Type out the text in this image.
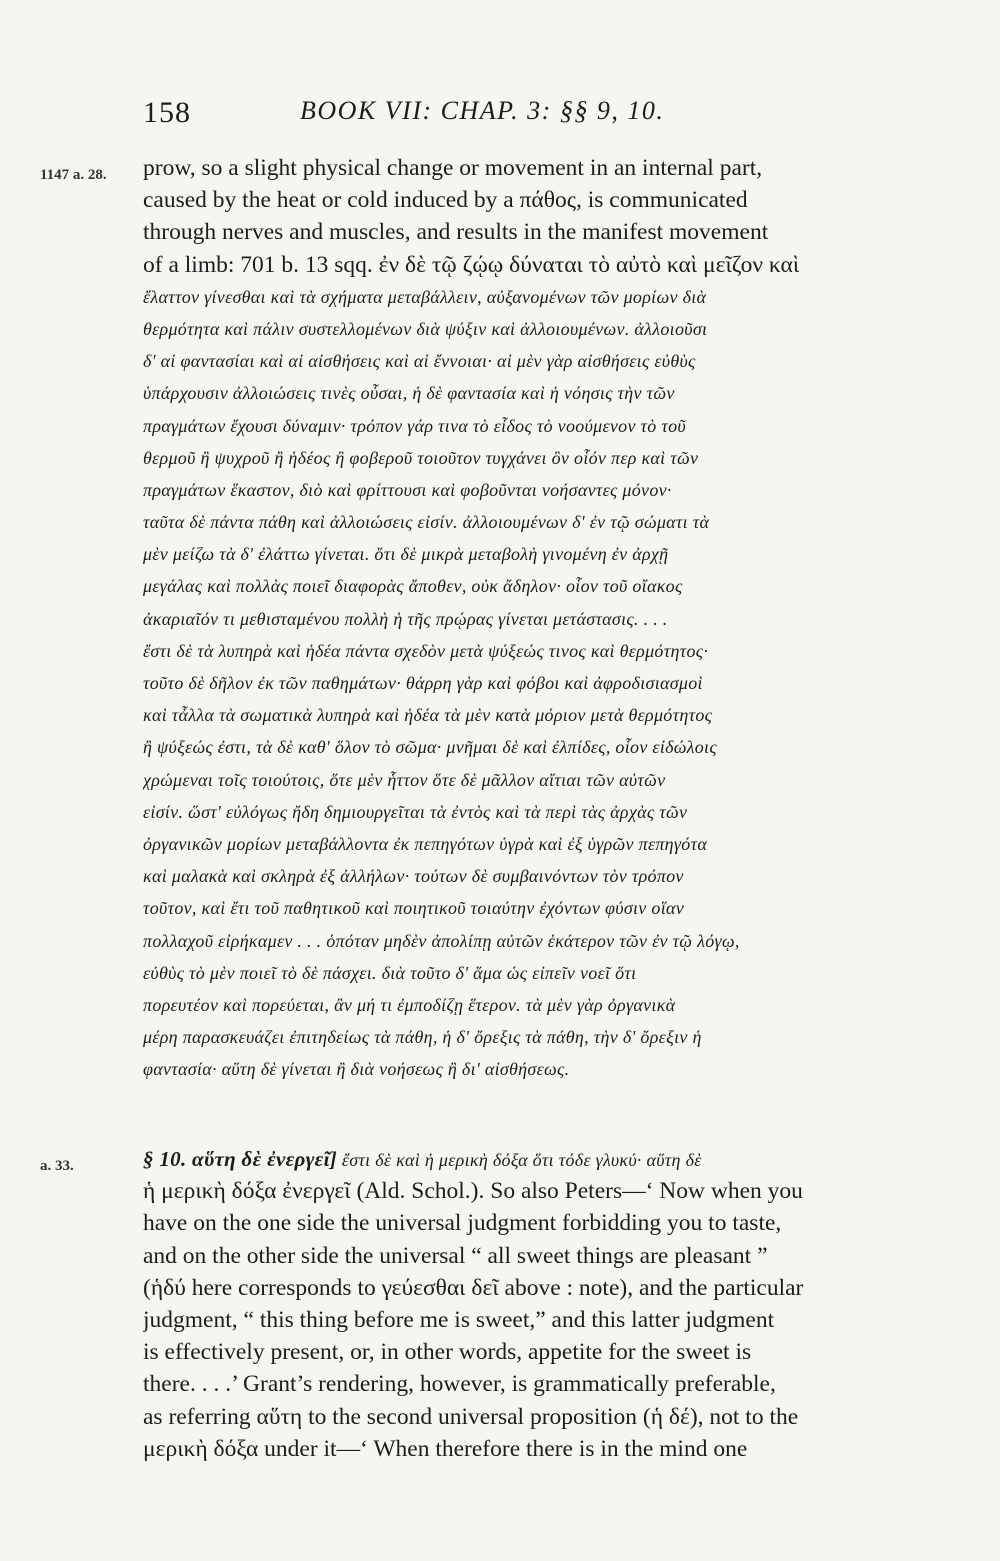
158	BOOK VII: CHAP. 3: §§ 9, 10.
1147 a. 28.
a. 33.
prow, so a slight physical change or movement in an internal part,
caused by the heat or cold induced by a πάθος, is communicated
through nerves and muscles, and results in the manifest movement
of a limb: 701 b. 13 sqq. ἐν δὲ τῷ ζῴῳ δύναται τὸ αὐτὸ καὶ μεῖζον καὶ
ἔλαττον γίνεσθαι καὶ τὰ σχήματα μεταβάλλειν, αὐξανομένων τῶν μορίων διὰ
θερμότητα καὶ πάλιν συστελλομένων διὰ ψύξιν καὶ ἀλλοιουμένων. ἀλλοιοῦσι
δ' αἱ φαντασίαι καὶ αἱ αἰσθήσεις καὶ αἱ ἔννοιαι· αἱ μὲν γὰρ αἰσθήσεις εὐθὺς
ὑπάρχουσιν ἀλλοιώσεις τινὲς οὖσαι, ἡ δὲ φαντασία καὶ ἡ νόησις τὴν τῶν
πραγμάτων ἔχουσι δύναμιν· τρόπον γάρ τινα τὸ εἶδος τὸ νοούμενον τὸ τοῦ
θερμοῦ ἢ ψυχροῦ ἢ ἡδέος ἢ φοβεροῦ τοιοῦτον τυγχάνει ὂν οἷόν περ καὶ τῶν
πραγμάτων ἕκαστον, διὸ καὶ φρίττουσι καὶ φοβοῦνται νοήσαντες μόνον·
ταῦτα δὲ πάντα πάθη καὶ ἀλλοιώσεις εἰσίν. ἀλλοιουμένων δ' ἐν τῷ σώματι τὰ
μὲν μείζω τὰ δ' ἐλάττω γίνεται. ὅτι δὲ μικρὰ μεταβολὴ γινομένη ἐν ἀρχῇ
μεγάλας καὶ πολλὰς ποιεῖ διαφορὰς ἄποθεν, οὐκ ἄδηλον· οἷον τοῦ οἴακος
ἀκαριαῖόν τι μεθισταμένου πολλὴ ἡ τῆς πρῴρας γίνεται μετάστασις. . . .
ἔστι δὲ τὰ λυπηρὰ καὶ ἡδέα πάντα σχεδὸν μετὰ ψύξεώς τινος καὶ θερμότητος·
τοῦτο δὲ δῆλον ἐκ τῶν παθημάτων· θάρρη γὰρ καὶ φόβοι καὶ ἀφροδισιασμοὶ
καὶ τἆλλα τὰ σωματικὰ λυπηρὰ καὶ ἡδέα τὰ μὲν κατὰ μόριον μετὰ θερμότητος
ἢ ψύξεώς ἐστι, τὰ δὲ καθ' ὅλον τὸ σῶμα· μνῆμαι δὲ καὶ ἐλπίδες, οἷον εἰδώλοις
χρώμεναι τοῖς τοιούτοις, ὅτε μὲν ἧττον ὅτε δὲ μᾶλλον αἴτιαι τῶν αὐτῶν
εἰσίν. ὥστ' εὐλόγως ἤδη δημιουργεῖται τὰ ἐντὸς καὶ τὰ περὶ τὰς ἀρχὰς τῶν
ὀργανικῶν μορίων μεταβάλλοντα ἐκ πεπηγότων ὑγρὰ καὶ ἐξ ὑγρῶν πεπηγότα
καὶ μαλακὰ καὶ σκληρὰ ἐξ ἀλλήλων· τούτων δὲ συμβαινόντων τὸν τρόπον
τοῦτον, καὶ ἔτι τοῦ παθητικοῦ καὶ ποιητικοῦ τοιαύτην ἐχόντων φύσιν οἵαν
πολλαχοῦ εἰρήκαμεν . . . ὁπόταν μηδὲν ἀπολίπῃ αὐτῶν ἑκάτερον τῶν ἐν τῷ λόγῳ,
εὐθὺς τὸ μὲν ποιεῖ τὸ δὲ πάσχει. διὰ τοῦτο δ' ἅμα ὡς εἰπεῖν νοεῖ ὅτι
πορευτέον καὶ πορεύεται, ἂν μή τι ἐμποδίζῃ ἕτερον. τὰ μὲν γὰρ ὀργανικὰ
μέρη παρασκευάζει ἐπιτηδείως τὰ πάθη, ἡ δ' ὄρεξις τὰ πάθη, τὴν δ' ὄρεξιν ἡ
φαντασία· αὕτη δὲ γίνεται ἢ διὰ νοήσεως ἢ δι' αἰσθήσεως.
§ 10. αὕτη δὲ ἐνεργεῖ] ἔστι δὲ καὶ ἡ μερικὴ δόξα ὅτι τόδε γλυκύ· αὕτη δὲ
ἡ μερικὴ δόξα ἐνεργεῖ (Ald. Schol.). So also Peters—‘ Now when you
have on the one side the universal judgment forbidding you to taste,
and on the other side the universal “ all sweet things are pleasant ”
(ἡδύ here corresponds to γεύεσθαι δεῖ above : note), and the particular
judgment, “ this thing before me is sweet,” and this latter judgment
is effectively present, or, in other words, appetite for the sweet is
there. . . .’ Grant’s rendering, however, is grammatically preferable,
as referring αὕτη to the second universal proposition (ἡ δέ), not to the
μερικὴ δόξα under it—‘ When therefore there is in the mind one
